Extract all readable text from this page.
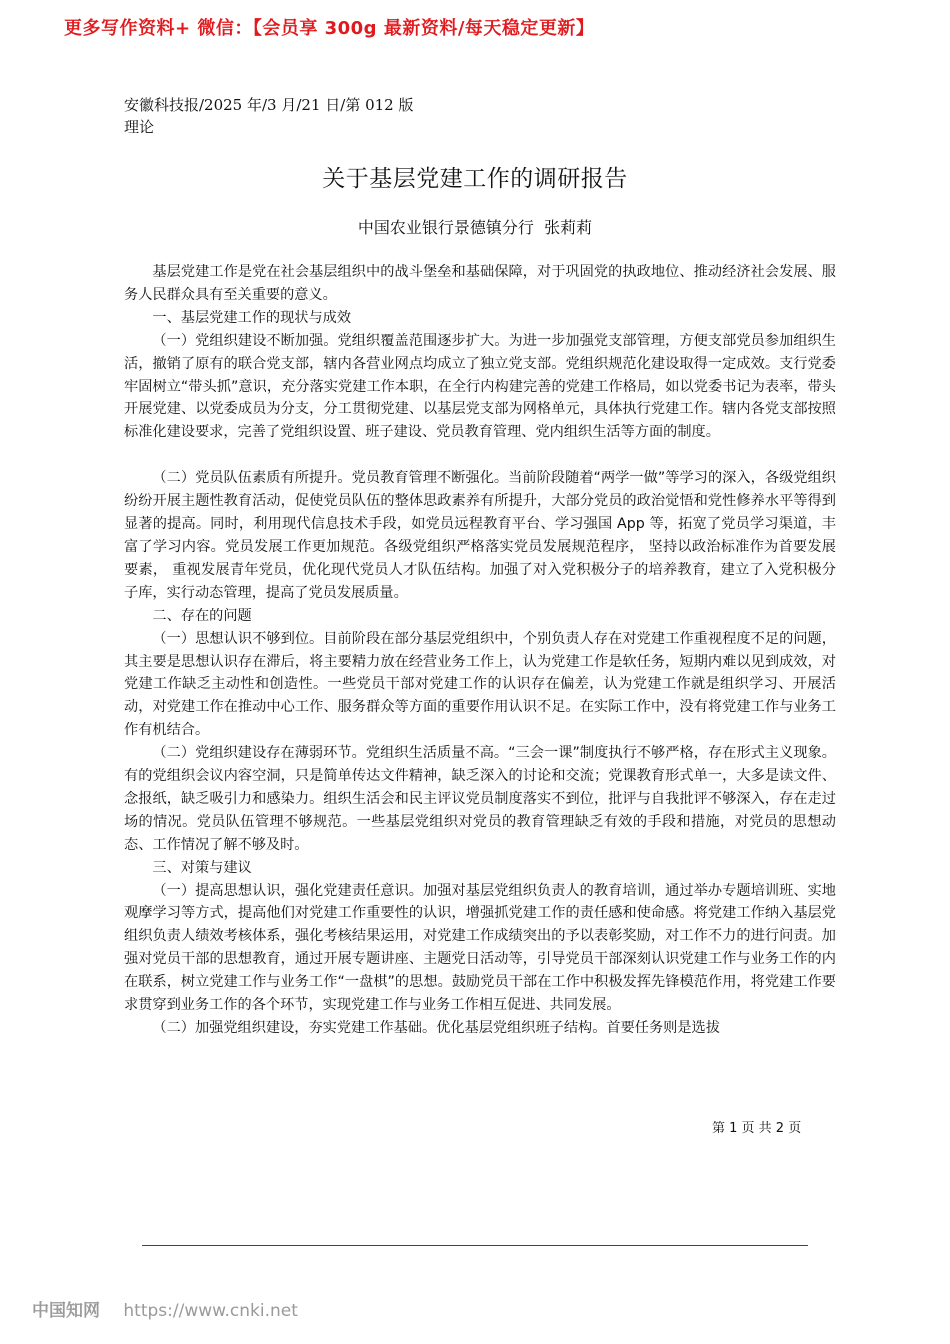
更多写作资料+ 微信：【会员享 300g 最新资料/每天稳定更新】
安徽科技报/2025 年/3 月/21 日/第 012 版理论
关于基层党建工作的调研报告
中国农业银行景德镇分行  张莉莉

基层党建工作是党在社会基层组织中的战斗堡垒和基础保障，对于巩固党的执政地位、推动经济社会发展、服务人民群众具有至关重要的意义。

一、基层党建工作的现状与成效

（一）党组织建设不断加强。党组织覆盖范围逐步扩大。为进一步加强党支部管理，方便支部党员参加组织生活，撤销了原有的联合党支部，辖内各营业网点均成立了独立党支部。党组织规范化建设取得一定成效。支行党委牢固树立“带头抓”意识，充分落实党建工作本职，在全行内构建完善的党建工作格局，如以党委书记为表率，带头开展党建、以党委成员为分支，分工贯彻党建、以基层党支部为网格单元，具体执行党建工作。辖内各党支部按照标准化建设要求，完善了党组织设置、班子建设、党员教育管理、党内组织生活等方面的制度。

（二）党员队伍素质有所提升。党员教育管理不断强化。当前阶段随着“两学一做”等学习的深入，各级党组织纷纷开展主题性教育活动，促使党员队伍的整体思政素养有所提升，大部分党员的政治觉悟和党性修养水平等得到显著的提高。同时，利用现代信息技术手段，如党员远程教育平台、学习强国 App 等，拓宽了党员学习渠道，丰富了学习内容。党员发展工作更加规范。各级党组织严格落实党员发展规范程序， 坚持以政治标准作为首要发展要素， 重视发展青年党员，优化现代党员人才队伍结构。加强了对入党积极分子的培养教育，建立了入党积极分子库，实行动态管理，提高了党员发展质量。

二、存在的问题

（一）思想认识不够到位。目前阶段在部分基层党组织中，个别负责人存在对党建工作重视程度不足的问题，其主要是思想认识存在滞后，将主要精力放在经营业务工作上，认为党建工作是软任务，短期内难以见到成效，对党建工作缺乏主动性和创造性。一些党员干部对党建工作的认识存在偏差，认为党建工作就是组织学习、开展活动，对党建工作在推动中心工作、服务群众等方面的重要作用认识不足。在实际工作中，没有将党建工作与业务工作有机结合。

（二）党组织建设存在薄弱环节。党组织生活质量不高。“三会一课”制度执行不够严格，存在形式主义现象。有的党组织会议内容空洞，只是简单传达文件精神，缺乏深入的讨论和交流；党课教育形式单一，大多是读文件、念报纸，缺乏吸引力和感染力。组织生活会和民主评议党员制度落实不到位，批评与自我批评不够深入，存在走过场的情况。党员队伍管理不够规范。一些基层党组织对党员的教育管理缺乏有效的手段和措施，对党员的思想动态、工作情况了解不够及时。

三、对策与建议

（一）提高思想认识，强化党建责任意识。加强对基层党组织负责人的教育培训，通过举办专题培训班、实地观摩学习等方式，提高他们对党建工作重要性的认识，增强抓党建工作的责任感和使命感。将党建工作纳入基层党组织负责人绩效考核体系，强化考核结果运用，对党建工作成绩突出的予以表彰奖励，对工作不力的进行问责。加强对党员干部的思想教育，通过开展专题讲座、主题党日活动等，引导党员干部深刻认识党建工作与业务工作的内在联系，树立党建工作与业务工作“一盘棋”的思想。鼓励党员干部在工作中积极发挥先锋模范作用，将党建工作要求贯穿到业务工作的各个环节，实现党建工作与业务工作相互促进、共同发展。

（二）加强党组织建设，夯实党建工作基础。优化基层党组织班子结构。首要任务则是选拔

第 1 页 共 2 页
中国知网 https://www.cnki.net
